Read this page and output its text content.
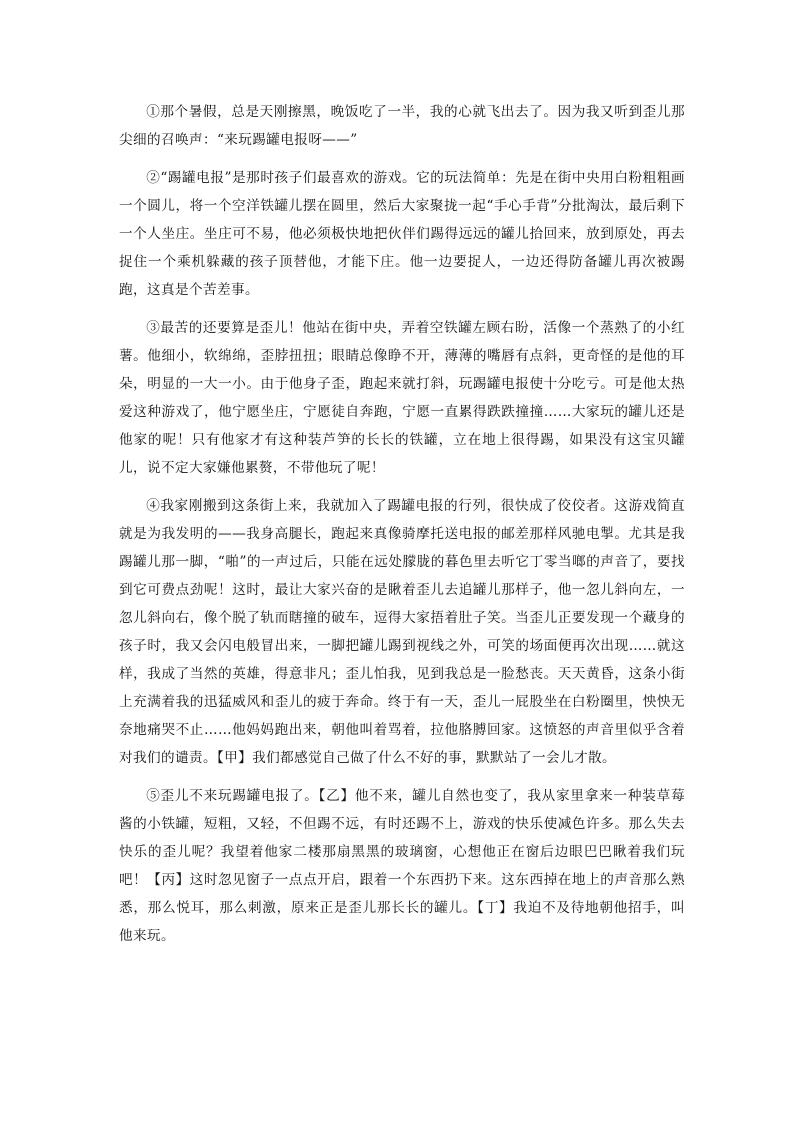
①那个暑假，总是天刚擦黑，晚饭吃了一半，我的心就飞出去了。因为我又听到歪儿那尖细的召唤声：“来玩踢罐电报呀——”

②“踢罐电报”是那时孩子们最喜欢的游戏。它的玩法简单：先是在街中央用白粉粗粗画一个圆儿，将一个空洋铁罐儿摆在圆里，然后大家聚拢一起“手心手背”分批淘汰，最后剩下一个人坐庄。坐庄可不易，他必须极快地把伙伴们踢得远远的罐儿拾回来，放到原处，再去捉住一个乘机躲藏的孩子顶替他，才能下庄。他一边要捉人，一边还得防备罐儿再次被踢跑，这真是个苦差事。

③最苦的还要算是歪儿！他站在街中央，弄着空铁罐左顾右盼，活像一个蒸熟了的小红薯。他细小，软绵绵，歪脖扭扭；眼睛总像睁不开，薄薄的嘴唇有点斜，更奇怪的是他的耳朵，明显的一大一小。由于他身子歪，跑起来就打斜，玩踢罐电报使十分吃亏。可是他太热爱这种游戏了，他宁愿坐庄，宁愿徒自奔跑，宁愿一直累得跌跌撞撞……大家玩的罐儿还是他家的呢！只有他家才有这种装芦笋的长长的铁罐，立在地上很得踢，如果没有这宝贝罐儿，说不定大家嫌他累赘，不带他玩了呢！

④我家刚搬到这条街上来，我就加入了踢罐电报的行列，很快成了佼佼者。这游戏简直就是为我发明的——我身高腿长，跑起来真像骑摩托送电报的邮差那样风驰电掣。尤其是我踢罐儿那一脚，“啪”的一声过后，只能在远处朦胧的暮色里去听它丁零当啷的声音了，要找到它可费点劲呢！这时，最让大家兴奋的是瞅着歪儿去追罐儿那样子，他一忽儿斜向左，一忽儿斜向右，像个脱了轨而瞎撞的破车，逗得大家捂着肚子笑。当歪儿正要发现一个藏身的孩子时，我又会闪电般冒出来，一脚把罐儿踢到视线之外，可笑的场面便再次出现……就这样，我成了当然的英雄，得意非凡；歪儿怕我，见到我总是一脸愁丧。天天黄昏，这条小街上充满着我的迅猛威风和歪儿的疲于奔命。终于有一天，歪儿一屁股坐在白粉圈里，怏怏无奈地痛哭不止……他妈妈跑出来，朝他叫着骂着，拉他胳膊回家。这愤怒的声音里似乎含着对我们的谴责。【甲】我们都感觉自己做了什么不好的事，默默站了一会儿才散。

⑤歪儿不来玩踢罐电报了。【乙】他不来，罐儿自然也变了，我从家里拿来一种装草莓酱的小铁罐，短粗，又轻，不但踢不远，有时还踢不上，游戏的快乐使减色许多。那么失去快乐的歪儿呢？我望着他家二楼那扇黑黑的玻璃窗，心想他正在窗后边眼巴巴瞅着我们玩吧！【丙】这时忽见窗子一点点开启，跟着一个东西扔下来。这东西掉在地上的声音那么熟悉，那么悦耳，那么刺激，原来正是歪儿那长长的罐儿。【丁】我迫不及待地朝他招手，叫他来玩。
